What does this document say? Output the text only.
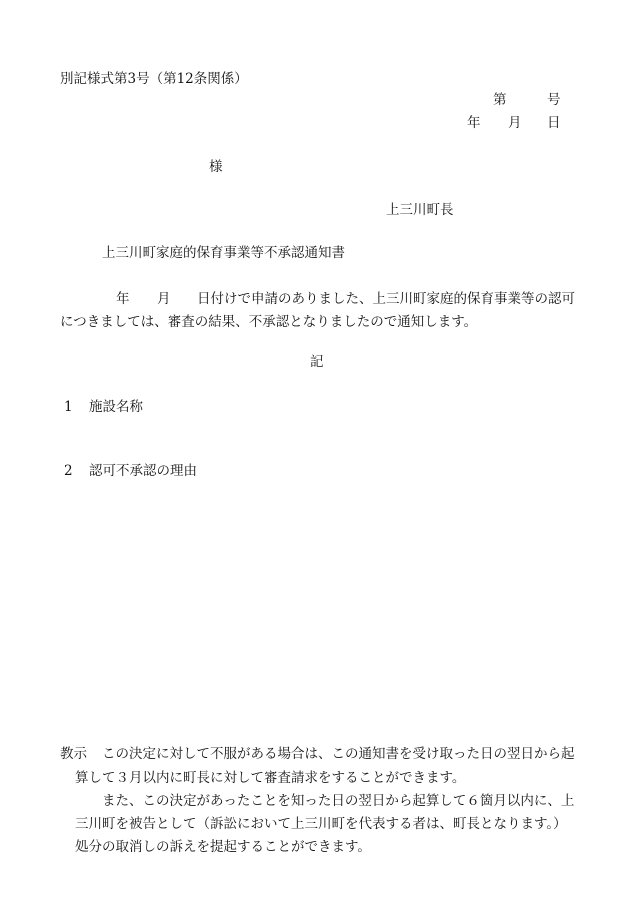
別記様式第3号（第12条関係）
第	号
年 月 日
様
上三川町長
上三川町家庭的保育事業等不承認通知書
年 月 日付けで申請のありました、上三川町家庭的保育事業等の認可
につきましては、審査の結果、不承認となりましたので通知します。
記
1 施設名称
2 認可不承認の理由
教示 この決定に対して不服がある場合は、この通知書を受け取った日の翌日から起
算して３月以内に町長に対して審査請求をすることができます。
また、この決定があったことを知った日の翌日から起算して６箇月以内に、上
三川町を被告として（訴訟において上三川町を代表する者は、町長となります。）
処分の取消しの訴えを提起することができます。
